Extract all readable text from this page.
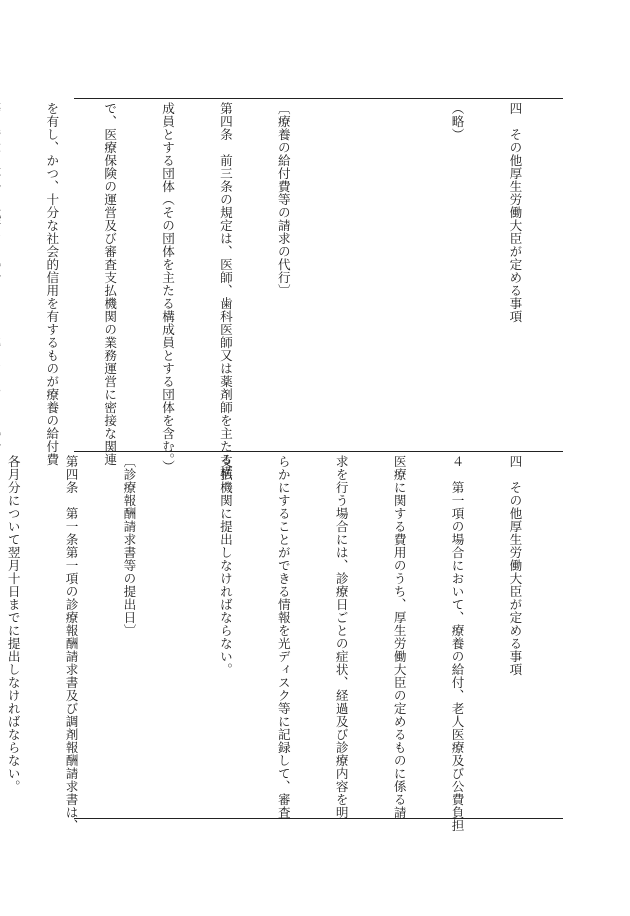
四　その他厚生労働大臣が定める事項

（略）

〔療養の給付費等の請求の代行〕

第四条　前三条の規定は、医師、歯科医師又は薬剤師を主たる構

成員とする団体（その団体を主たる構成員とする団体を含む。）

で、医療保険の運営及び審査支払機関の業務運営に密接な関連

を有し、かつ、十分な社会的信用を有するものが療養の給付費

四　その他厚生労働大臣が定める事項

４　第一項の場合において、療養の給付、老人医療及び公費負担

医療に関する費用のうち、厚生労働大臣の定めるものに係る請

求を行う場合には、診療日ごとの症状、経過及び診療内容を明

らかにすることができる情報を光ディスク等に記録して、審査

支払機関に提出しなければならない。

〔診療報酬請求書等の提出日〕

第四条　第一条第一項の診療報酬請求書及び調剤報酬請求書は、

各月分について翌月十日までに提出しなければならない。
